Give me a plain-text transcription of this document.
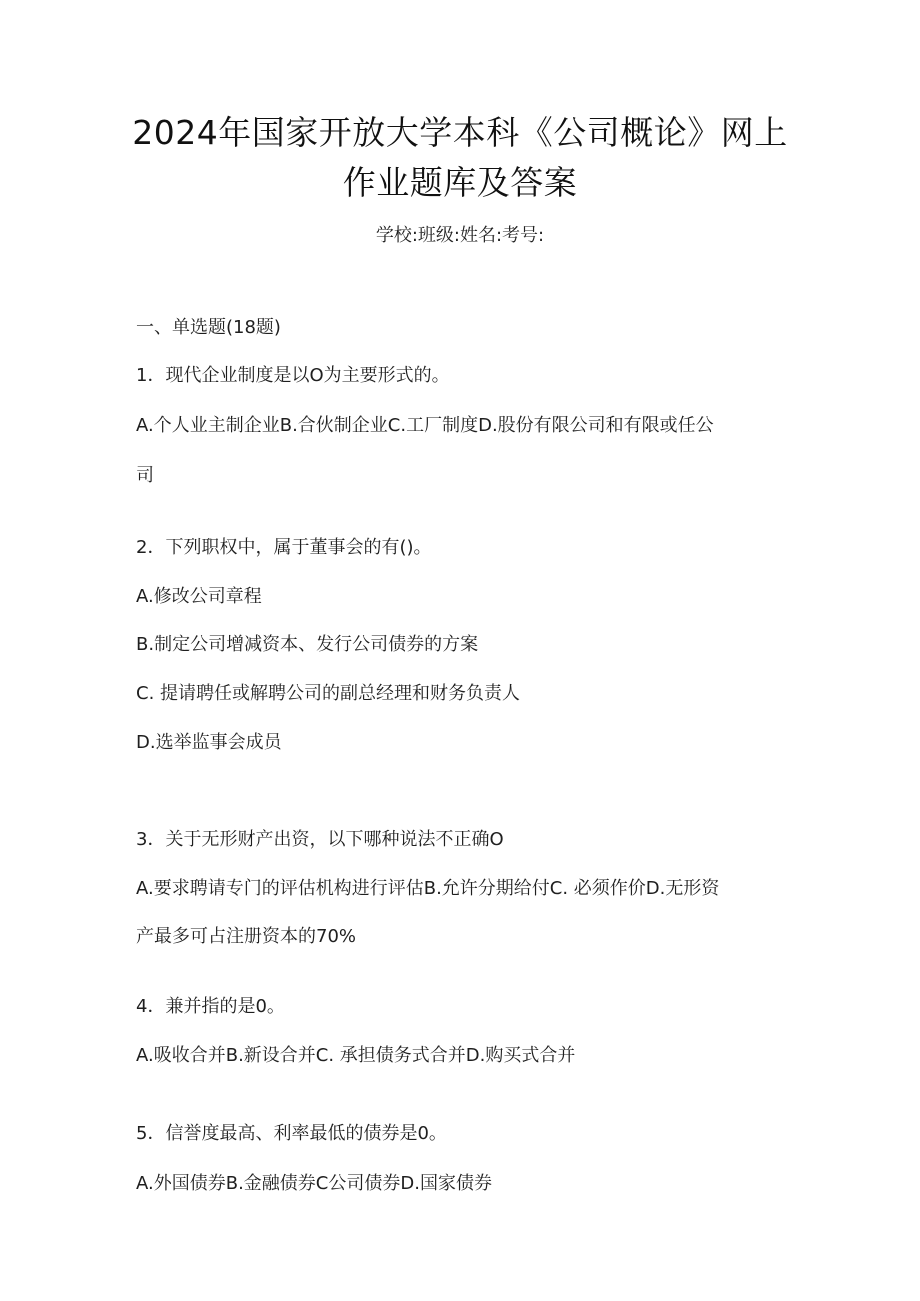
2024年国家开放大学本科《公司概论》网上
作业题库及答案
学校:班级:姓名:考号:
一、单选题(18题)
1．现代企业制度是以O为主要形式的。
A.个人业主制企业B.合伙制企业C.工厂制度D.股份有限公司和有限或任公
司
2．下列职权中，属于董事会的有()。
A.修改公司章程
B.制定公司增减资本、发行公司债券的方案
C. 提请聘任或解聘公司的副总经理和财务负责人
D.选举监事会成员
3．关于无形财产出资，以下哪种说法不正确O
A.要求聘请专门的评估机构进行评估B.允许分期给付C. 必须作价D.无形资
产最多可占注册资本的70%
4．兼并指的是0。
A.吸收合并B.新设合并C. 承担债务式合并D.购买式合并
5．信誉度最高、利率最低的债券是0。
A.外国债券B.金融债券C公司债券D.国家债券
